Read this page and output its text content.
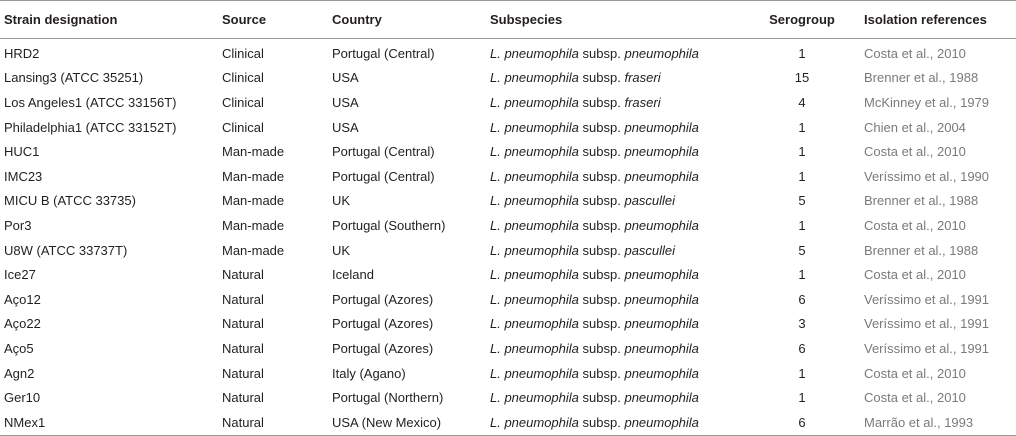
Strain designation	Source	Country	Subspecies	Serogroup	Isolation references
HRD2	Clinical	Portugal (Central)	L. pneumophila subsp. pneumophila	1	Costa et al., 2010
Lansing3 (ATCC 35251)	Clinical	USA	L. pneumophila subsp. fraseri	15	Brenner et al., 1988
Los Angeles1 (ATCC 33156T)	Clinical	USA	L. pneumophila subsp. fraseri	4	McKinney et al., 1979
Philadelphia1 (ATCC 33152T)	Clinical	USA	L. pneumophila subsp. pneumophila	1	Chien et al., 2004
HUC1	Man-made	Portugal (Central)	L. pneumophila subsp. pneumophila	1	Costa et al., 2010
IMC23	Man-made	Portugal (Central)	L. pneumophila subsp. pneumophila	1	Veríssimo et al., 1990
MICU B (ATCC 33735)	Man-made	UK	L. pneumophila subsp. pascullei	5	Brenner et al., 1988
Por3	Man-made	Portugal (Southern)	L. pneumophila subsp. pneumophila	1	Costa et al., 2010
U8W (ATCC 33737T)	Man-made	UK	L. pneumophila subsp. pascullei	5	Brenner et al., 1988
Ice27	Natural	Iceland	L. pneumophila subsp. pneumophila	1	Costa et al., 2010
Aço12	Natural	Portugal (Azores)	L. pneumophila subsp. pneumophila	6	Veríssimo et al., 1991
Aço22	Natural	Portugal (Azores)	L. pneumophila subsp. pneumophila	3	Veríssimo et al., 1991
Aço5	Natural	Portugal (Azores)	L. pneumophila subsp. pneumophila	6	Veríssimo et al., 1991
Agn2	Natural	Italy (Agano)	L. pneumophila subsp. pneumophila	1	Costa et al., 2010
Ger10	Natural	Portugal (Northern)	L. pneumophila subsp. pneumophila	1	Costa et al., 2010
NMex1	Natural	USA (New Mexico)	L. pneumophila subsp. pneumophila	6	Marrão et al., 1993
